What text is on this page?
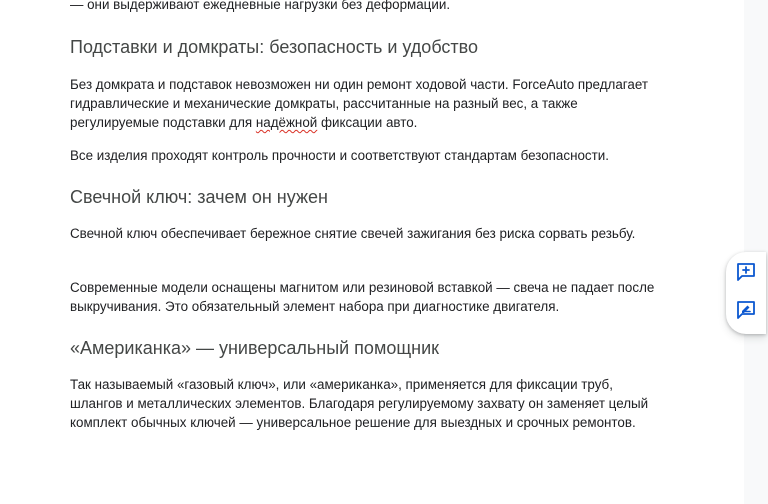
— они выдерживают ежедневные нагрузки без деформации.

Подставки и домкраты: безопасность и удобство

Без домкрата и подставок невозможен ни один ремонт ходовой части. ForceAuto предлагает гидравлические и механические домкраты, рассчитанные на разный вес, а также регулируемые подставки для надёжной фиксации авто.

Все изделия проходят контроль прочности и соответствуют стандартам безопасности.

Свечной ключ: зачем он нужен

Свечной ключ обеспечивает бережное снятие свечей зажигания без риска сорвать резьбу.

Современные модели оснащены магнитом или резиновой вставкой — свеча не падает после выкручивания. Это обязательный элемент набора при диагностике двигателя.

«Американка» — универсальный помощник

Так называемый «газовый ключ», или «американка», применяется для фиксации труб, шлангов и металлических элементов. Благодаря регулируемому захвату он заменяет целый комплект обычных ключей — универсальное решение для выездных и срочных ремонтов.
